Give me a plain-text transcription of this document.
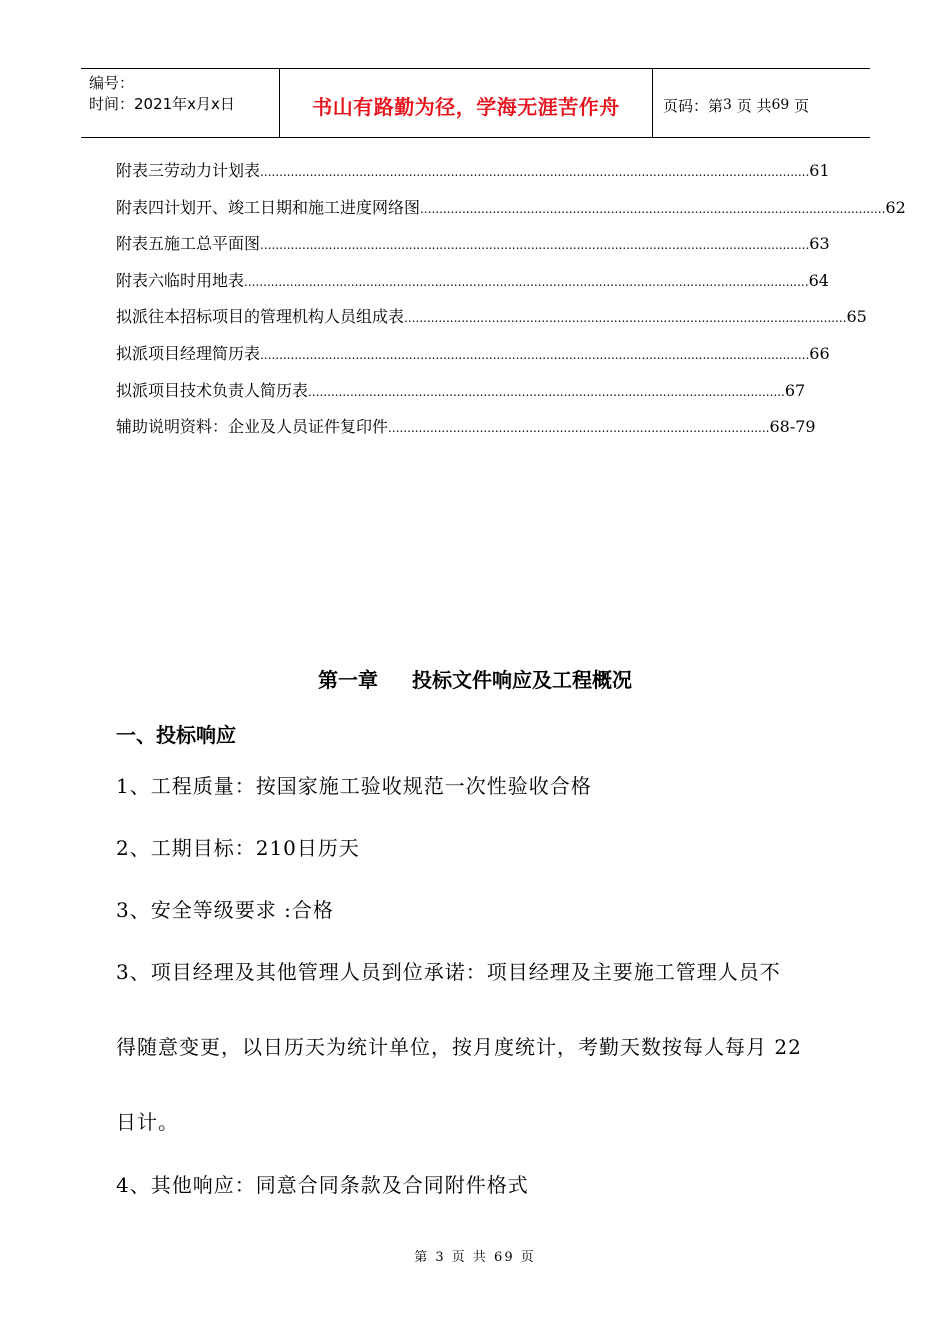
编号：
时间：2021年x月x日	书山有路勤为径，学海无涯苦作舟	页码：第 3
页 共 69
页
附表三劳动力计划表 ................................................................................................................................................ 61
附表四计划开、竣工日期和施工进度网络图 .......................................................................................................................... 62
附表五施工总平面图 ................................................................................................................................................ 63
附表六临时用地表 .................................................................................................................................................... 64
拟派往本招标项目的管理机构人员组成表 .................................................................................................................... 65
拟派项目经理简历表 ................................................................................................................................................ 66
拟派项目技术负责人简历表 ............................................................................................................................. 67
辅助说明资料：企业及人员证件复印件 .................................................................................................... 68-79
第一章 投标文件响应及工程概况
一、投标响应
1、工程质量：按国家施工验收规范一次性验收合格
2、工期目标：210日历天
3、安全等级要求 :合格
3、项目经理及其他管理人员到位承诺：项目经理及主要施工管理人员不
得随意变更，以日历天为统计单位，按月度统计，考勤天数按每人每月 22
日计。
4、其他响应：同意合同条款及合同附件格式
第 3 页 共 69 页
